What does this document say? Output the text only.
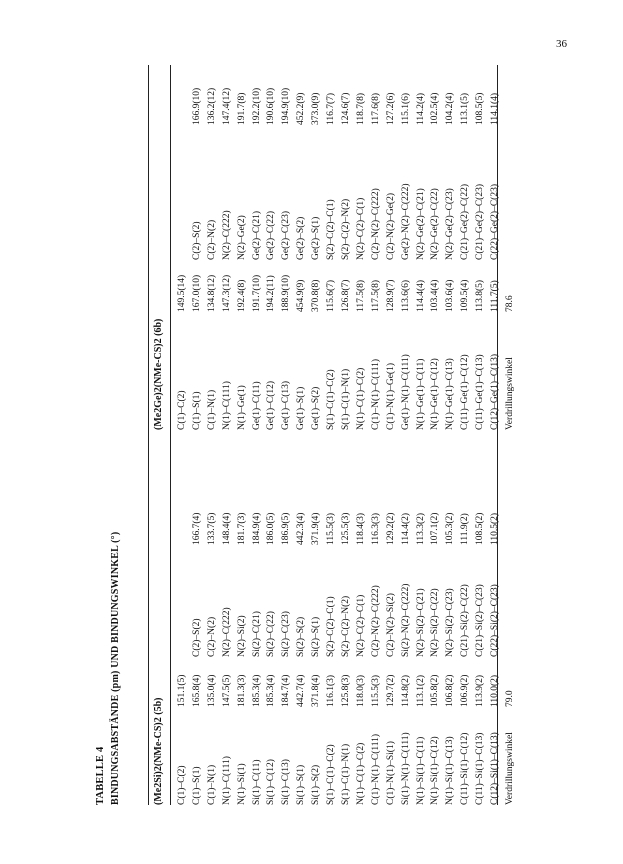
36
TABELLE 4 BINDUNGSABSTÄNDE (pm) UND BINDUNGSWINKEL (°)	(Me2Si)2(NMe-CS)2 (5b)
(Me2Ge)2(NMe-CS)2 (6b)
C(1)–C(2)	151.1(5)			C(1)–C(2)	149.5(14)		
C(1)–S(1)	165.8(4)	C(2)–S(2)	166.7(4)	C(1)–S(1)	167.0(10)	C(2)–S(2)	166.9(10)
C(1)–N(1)	135.0(4)	C(2)–N(2)	133.7(5)	C(1)–N(1)	134.8(12)	C(2)–N(2)	136.2(12)
N(1)–C(111)	147.5(5)	N(2)–C(222)	148.4(4)	N(1)–C(111)	147.3(12)	N(2)–C(222)	147.4(12)
N(1)–Si(1)	181.3(3)	N(2)–Si(2)	181.7(3)	N(1)–Ge(1)	192.4(8)	N(2)–Ge(2)	191.7(8)
Si(1)–C(11)	185.3(4)	Si(2)–C(21)	184.9(4)	Ge(1)–C(11)	191.7(10)	Ge(2)–C(21)	192.2(10)
Si(1)–C(12)	185.3(4)	Si(2)–C(22)	186.0(5)	Ge(1)–C(12)	194.2(11)	Ge(2)–C(22)	190.6(10)
Si(1)–C(13)	184.7(4)	Si(2)–C(23)	186.9(5)	Ge(1)–C(13)	188.9(10)	Ge(2)–C(23)	194.9(10)
Si(1)–S(1)	442.7(4)	Si(2)–S(2)	442.3(4)	Ge(1)–S(1)	454.9(9)	Ge(2)–S(2)	452.2(9)
Si(1)–S(2)	371.8(4)	Si(2)–S(1)	371.9(4)	Ge(1)–S(2)	370.8(8)	Ge(2)–S(1)	373.0(9)
S(1)–C(1)–C(2)	116.1(3)	S(2)–C(2)–C(1)	115.5(3)	S(1)–C(1)–C(2)	115.6(7)	S(2)–C(2)–C(1)	116.7(7)
S(1)–C(1)–N(1)	125.8(3)	S(2)–C(2)–N(2)	125.5(3)	S(1)–C(1)–N(1)	126.8(7)	S(2)–C(2)–N(2)	124.6(7)
N(1)–C(1)–C(2)	118.0(3)	N(2)–C(2)–C(1)	118.4(3)	N(1)–C(1)–C(2)	117.5(8)	N(2)–C(2)–C(1)	118.7(8)
C(1)–N(1)–C(111)	115.5(3)	C(2)–N(2)–C(222)	116.3(3)	C(1)–N(1)–C(111)	117.5(8)	C(2)–N(2)–C(222)	117.6(8)
C(1)–N(1)–Si(1)	129.7(2)	C(2)–N(2)–Si(2)	129.2(2)	C(1)–N(1)–Ge(1)	128.9(7)	C(2)–N(2)–Ge(2)	127.2(6)
Si(1)–N(1)–C(111)	114.8(2)	Si(2)–N(2)–C(222)	114.4(2)	Ge(1)–N(1)–C(111)	113.6(6)	Ge(2)–N(2)–C(222)	115.1(6)
N(1)–Si(1)–C(11)	113.1(2)	N(2)–Si(2)–C(21)	113.3(2)	N(1)–Ge(1)–C(11)	114.4(4)	N(2)–Ge(2)–C(21)	114.2(4)
N(1)–Si(1)–C(12)	105.8(2)	N(2)–Si(2)–C(22)	107.1(2)	N(1)–Ge(1)–C(12)	103.4(4)	N(2)–Ge(2)–C(22)	102.5(4)
N(1)–Si(1)–C(13)	106.8(2)	N(2)–Si(2)–C(23)	105.3(2)	N(1)–Ge(1)–C(13)	103.6(4)	N(2)–Ge(2)–C(23)	104.2(4)
C(11)–Si(1)–C(12)	106.9(2)	C(21)–Si(2)–C(22)	111.9(2)	C(11)–Ge(1)–C(12)	109.5(4)	C(21)–Ge(2)–C(22)	113.1(5)
C(11)–Si(1)–C(13)	113.9(2)	C(21)–Si(2)–C(23)	108.5(2)	C(11)–Ge(1)–C(13)	113.8(5)	C(21)–Ge(2)–C(23)	108.5(5)
C(12)–Si(1)–C(13)	110.0(2)	C(22)–Si(2)–C(23)	110.5(2)	C(12)–Ge(1)–C(13)	111.7(5)	C(22)–Ge(2)–C(23)	114.1(4)
Verdrillungswinkel	79.0			Verdrillungswinkel	78.6		
